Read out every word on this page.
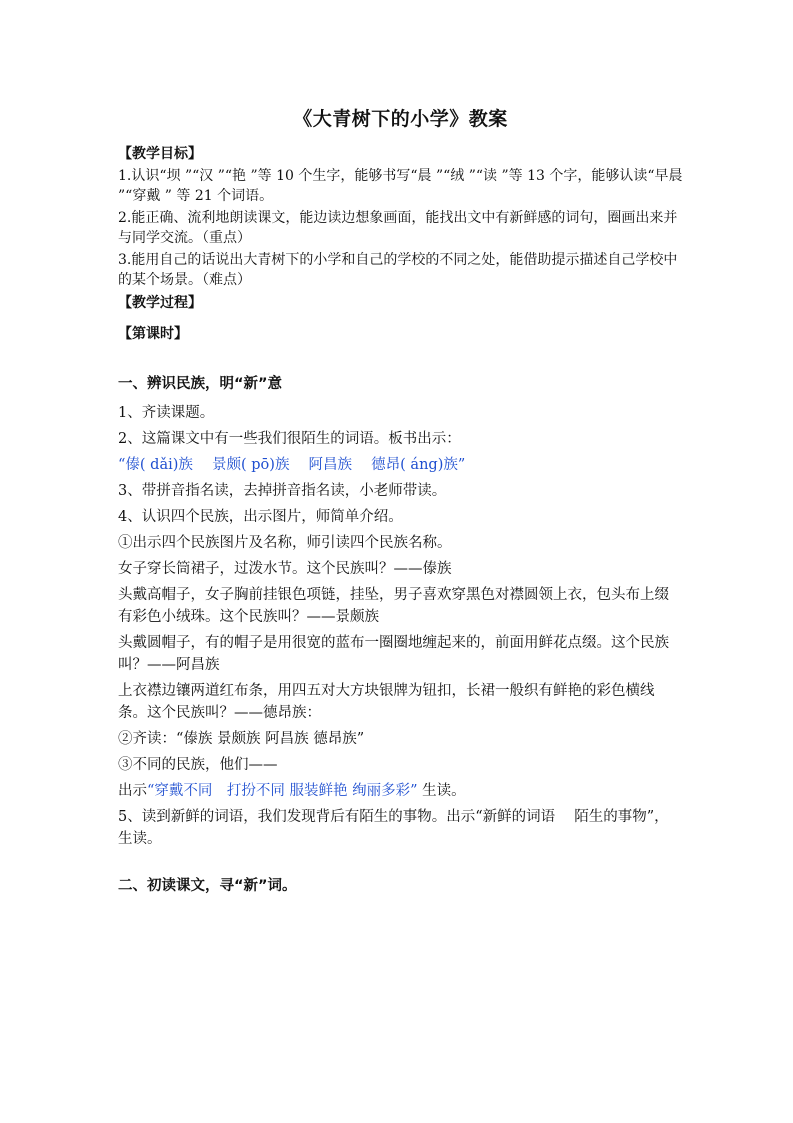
《大青树下的小学》教案
【教学目标】
1.认识“坝 ”“汉 ”“艳 ”等 10 个生字，能够书写“晨 ”“绒 ”“读 ”等 13 个字，能够认读“早晨 ”“穿戴 ” 等 21 个词语。
2.能正确、流利地朗读课文，能边读边想象画面，能找出文中有新鲜感的词句，圈画出来并与同学交流。（重点）
3.能用自己的话说出大青树下的小学和自己的学校的不同之处，能借助提示描述自己学校中的某个场景。（难点）
【教学过程】
【第课时】
一、辨识民族，明“新”意
1、齐读课题。
2、这篇课文中有一些我们很陌生的词语。板书出示：
“傣( dǎi)族　 景颇( pō)族　 阿昌族　 德昂( áng)族”
3、带拼音指名读，去掉拼音指名读，小老师带读。
4、认识四个民族，出示图片，师简单介绍。
①出示四个民族图片及名称，师引读四个民族名称。
女子穿长筒裙子，过泼水节。这个民族叫？——傣族
头戴高帽子，女子胸前挂银色项链，挂坠，男子喜欢穿黑色对襟圆领上衣，包头布上缀有彩色小绒珠。这个民族叫？——景颇族
头戴圆帽子，有的帽子是用很宽的蓝布一圈圈地缠起来的，前面用鲜花点缀。这个民族叫？——阿昌族
上衣襟边镶两道红布条，用四五对大方块银牌为钮扣，长裙一般织有鲜艳的彩色横线条。这个民族叫？——德昂族：
②齐读：“傣族 景颇族 阿昌族 德昂族”
③不同的民族，他们——
出示“穿戴不同　打扮不同 服装鲜艳 绚丽多彩” 生读。
5、读到新鲜的词语，我们发现背后有陌生的事物。出示“新鲜的词语　 陌生的事物”，生读。
二、初读课文，寻“新”词。
